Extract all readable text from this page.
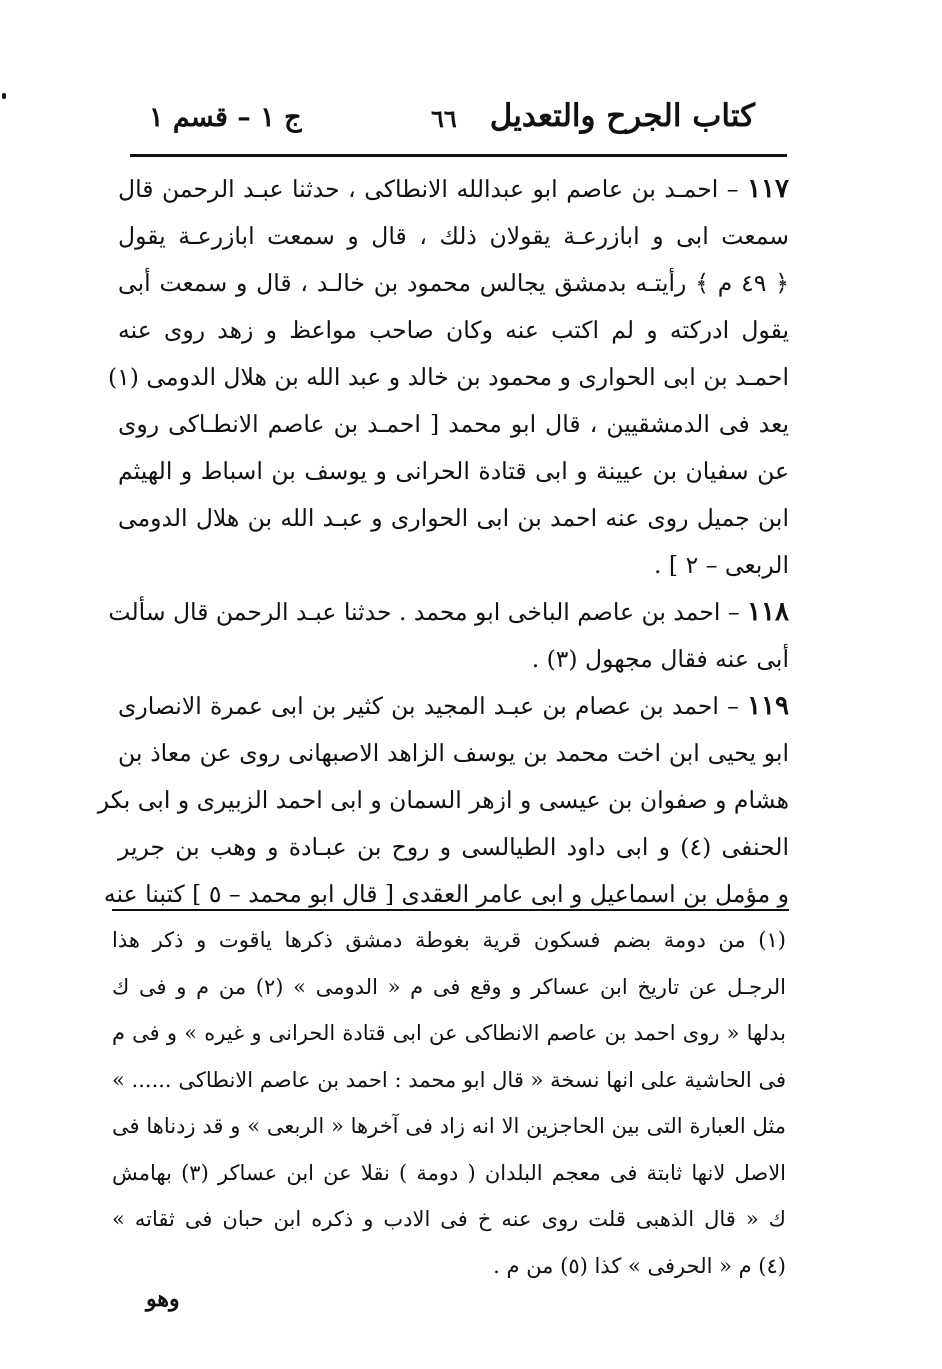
كتاب الجرح والتعديل
٦٦
ج ١ – قسم ١
١١٧ – احمـد بن عاصم ابو عبدالله الانطاكى ، حدثنا عبـد الرحمن قال
سمعت ابى و ابازرعـة يقولان ذلك ، قال و سمعت ابازرعـة يقول
﴿ ٤٩ م ﴾ رأيتـه بدمشق يجالس محمود بن خالـد ، قال و سمعت أبى
يقول ادركته و لم اكتب عنه وكان صاحب مواعظ و زهد روى عنه
احمـد بن ابى الحوارى و محمود بن خالد و عبد الله بن هلال الدومى (١)
يعد فى الدمشقيين ، قال ابو محمد [ احمـد بن عاصم الانطـاكى روى
عن سفيان بن عيينة و ابى قتادة الحرانى و يوسف بن اسباط و الهيثم
ابن جميل روى عنه احمد بن ابى الحوارى و عبـد الله بن هلال الدومى
الربعى – ٢ ] .
١١٨ – احمد بن عاصم الباخى ابو محمد . حدثنا عبـد الرحمن قال سألت
أبى عنه فقال مجهول (٣) .
١١٩ – احمد بن عصام بن عبـد المجيد بن كثير بن ابى عمرة الانصارى
ابو يحيى ابن اخت محمد بن يوسف الزاهد الاصبهانى روى عن معاذ بن
هشام و صفوان بن عيسى و ازهر السمان و ابى احمد الزبيرى و ابى بكر
الحنفى (٤) و ابى داود الطيالسى و روح بن عبـادة و وهب بن جرير
و مؤمل بن اسماعيل و ابى عامر العقدى [ قال ابو محمد – ٥ ] كتبنا عنه
(١) من دومة بضم فسكون قرية بغوطة دمشق ذكرها ياقوت و ذكر هذا
الرجـل عن تاريخ ابن عساكر و وقع فى م « الدومى » (٢) من م و فى ك
بدلها « روى احمد بن عاصم الانطاكى عن ابى قتادة الحرانى و غيره » و فى م
فى الحاشية على انها نسخة « قال ابو محمد : احمد بن عاصم الانطاكى ...... »
مثل العبارة التى بين الحاجزين الا انه زاد فى آخرها « الربعى » و قد زدناها فى
الاصل لانها ثابتة فى معجم البلدان ( دومة ) نقلا عن ابن عساكر (٣) بهامش
ك « قال الذهبى قلت روى عنه خ فى الادب و ذكره ابن حبان فى ثقاته »
(٤) م « الحرفى » كذا (٥) من م .
وهو
